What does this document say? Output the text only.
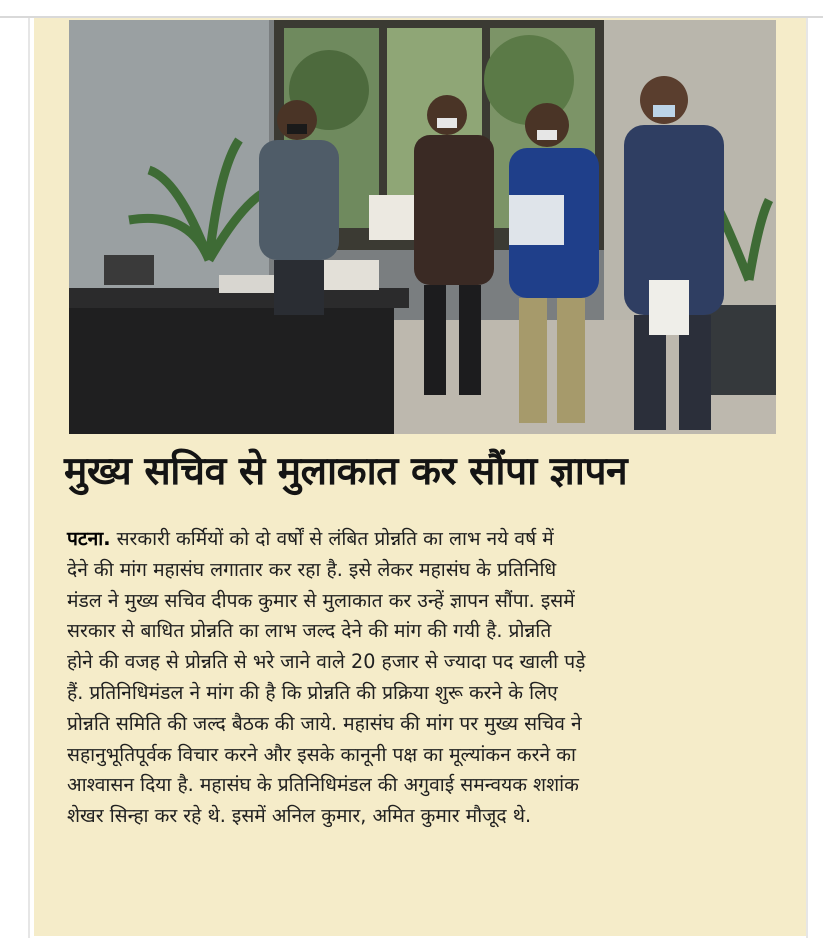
मुख्य सचिव से मुलाकात कर सौंपा ज्ञापन

पटना. सरकारी कर्मियों को दो वर्षों से लंबित प्रोन्नति का लाभ नये वर्ष में
देने की मांग महासंघ लगातार कर रहा है. इसे लेकर महासंघ के प्रतिनिधि
मंडल ने मुख्य सचिव दीपक कुमार से मुलाकात कर उन्हें ज्ञापन सौंपा. इसमें
सरकार से बाधित प्रोन्नति का लाभ जल्द देने की मांग की गयी है. प्रोन्नति
होने की वजह से प्रोन्नति से भरे जाने वाले 20 हजार से ज्यादा पद खाली पड़े
हैं. प्रतिनिधिमंडल ने मांग की है कि प्रोन्नति की प्रक्रिया शुरू करने के लिए
प्रोन्नति समिति की जल्द बैठक की जाये. महासंघ की मांग पर मुख्य सचिव ने
सहानुभूतिपूर्वक विचार करने और इसके कानूनी पक्ष का मूल्यांकन करने का
आश्वासन दिया है. महासंघ के प्रतिनिधिमंडल की अगुवाई समन्वयक शशांक
शेखर सिन्हा कर रहे थे. इसमें अनिल कुमार, अमित कुमार मौजूद थे.
